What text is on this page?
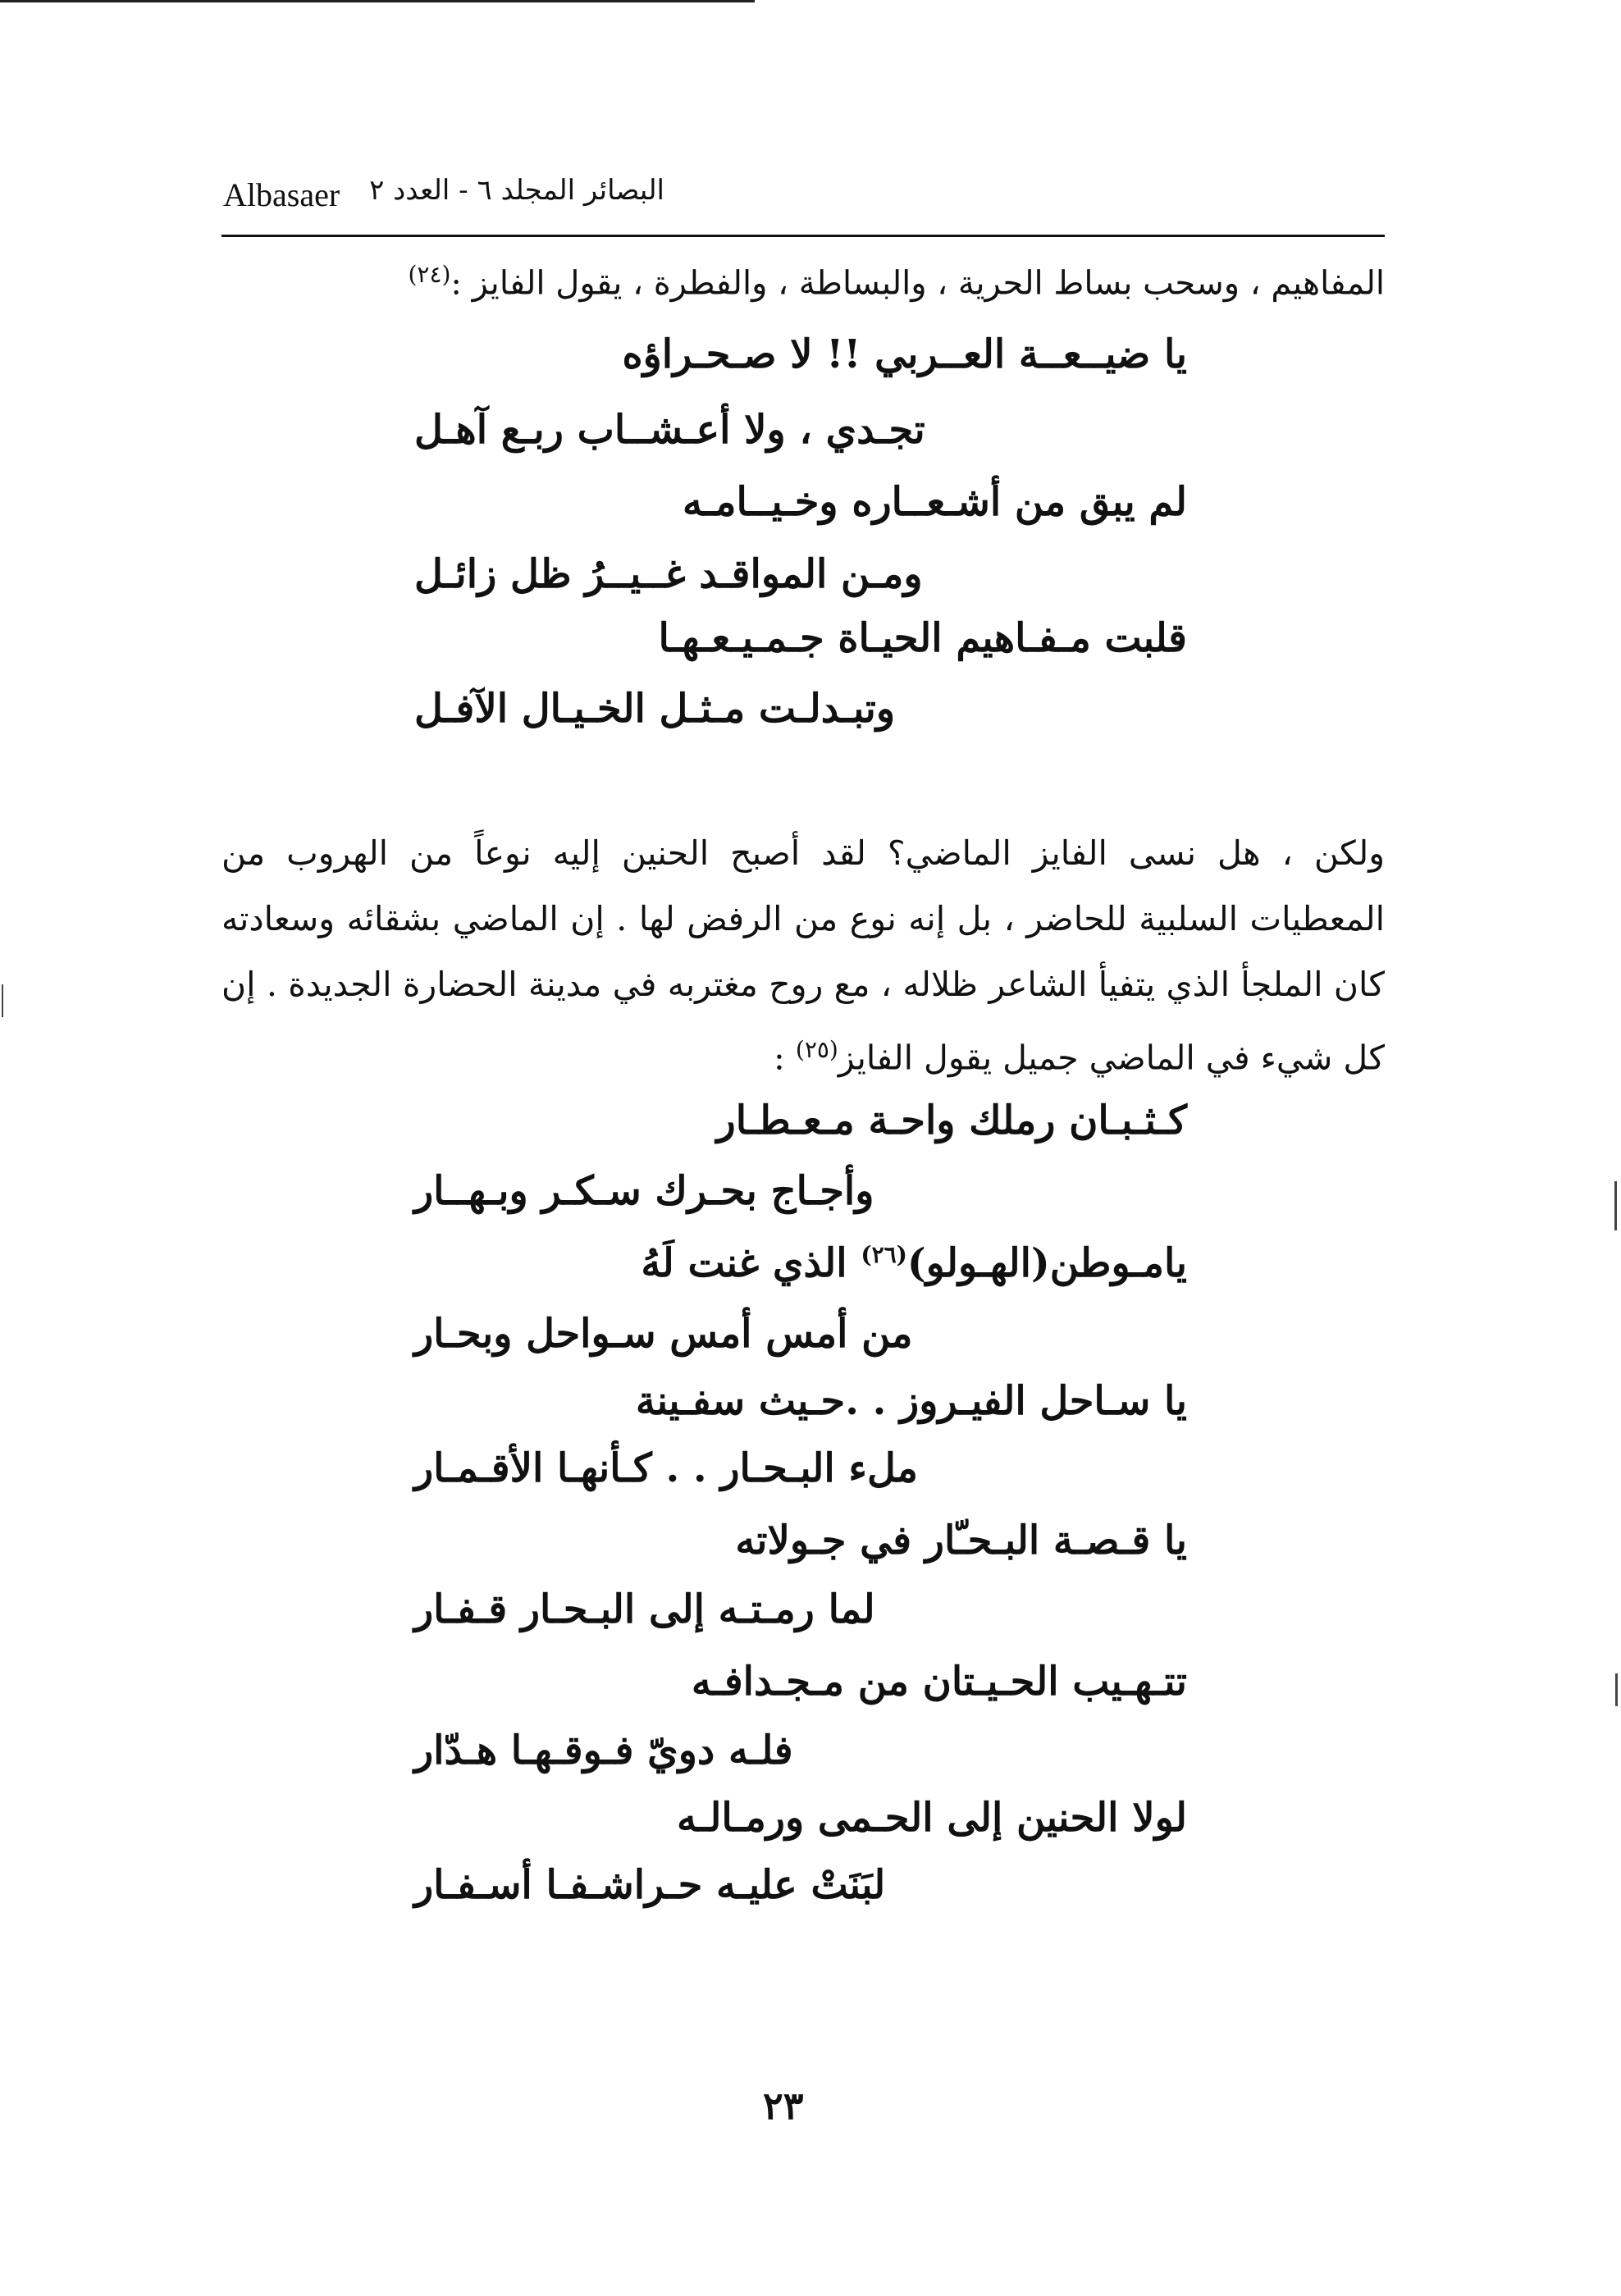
Albasaer	البصائر المجلد ٦ - العدد ٢
المفاهيم ، وسحب بساط الحرية ، والبساطة ، والفطرة ، يقول الفايز :$^{(٢٤)}$
يا ضيــعــة العــربي !! لا صـحـراؤه
تجـدي ، ولا أعـشــاب ربـع آهـل
لم يبق من أشـعــاره وخـيــامـه
ومـن المواقـد غــيــرُ ظل زائـل
قلبت مـفـاهيم الحيـاة جـمـيـعـهـا
وتبـدلـت مـثـل الخـيـال الآفـل
ولكن ، هل نسى الفايز الماضي؟ لقد أصبح الحنين إليه نوعاً من الهروب من المعطيات السلبية للحاضر ، بل إنه نوع من الرفض لها . إن الماضي بشقائه وسعادته كان الملجأ الذي يتفيأ الشاعر ظلاله ، مع روح مغتربه في مدينة الحضارة الجديدة . إن كل شيء في الماضي جميل يقول الفايز$^{(٢٥)}$ :
كـثـبـان رملك واحـة مـعـطـار
وأجـاج بحـرك سـكـر وبـهــار
يامـوطن(الهـولو)$^{(٢٦)}$ الذي غنت لَهُ
من أمس أمس سـواحل وبحـار
يا سـاحل الفيـروز . .حـيث سفـينة
ملء البـحـار . . كـأنهـا الأقـمـار
يا قـصـة البـحـّار في جـولاته
لما رمـتـه إلى البـحـار قـفـار
تتـهـيب الحـيـتان من مـجـدافـه
فلـه دويّ فـوقـهـا هـدّار
لولا الحنين إلى الحـمى ورمـالـه
لبَنَتْ عليـه حـراشـفـا أسـفـار
٢٣
